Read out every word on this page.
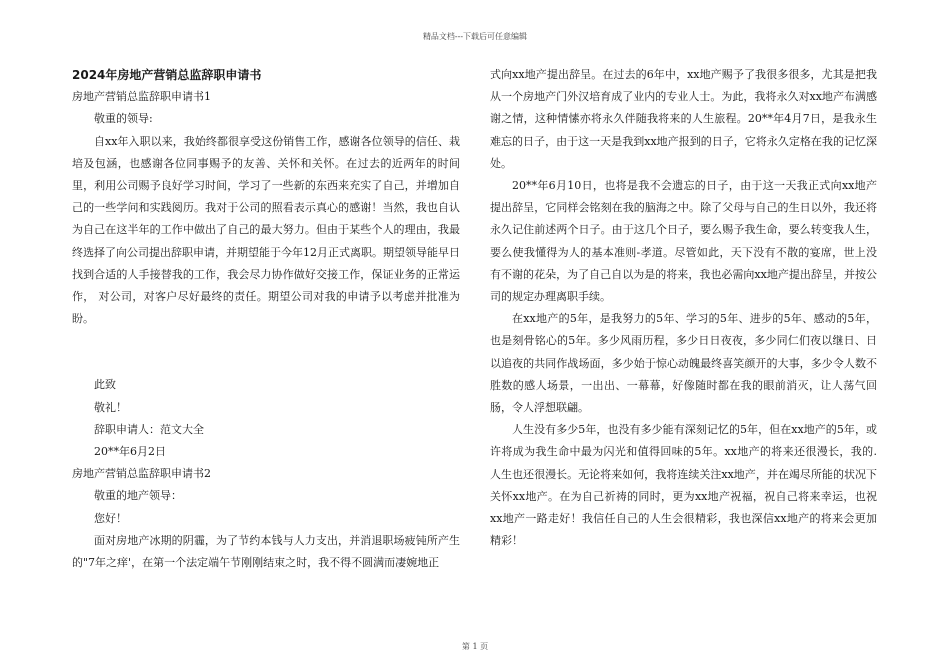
精品文档---下载后可任意编辑

2024年房地产营销总监辞职申请书

房地产营销总监辞职申请书1

敬重的领导:

自xx年入职以来，我始终都很享受这份销售工作，感谢各位领导的信任、栽培及包涵，也感谢各位同事赐予的友善、关怀和关怀。在过去的近两年的时间里，利用公司赐予良好学习时间，学习了一些新的东西来充实了自己，并增加自己的一些学问和实践阅历。我对于公司的照看表示真心的感谢！当然，我也自认为自己在这半年的工作中做出了自己的最大努力。但由于某些个人的理由，我最终选择了向公司提出辞职申请，并期望能于今年12月正式离职。期望领导能早日找到合适的人手接替我的工作，我会尽力协作做好交接工作，保证业务的正常运作， 对公司，对客户尽好最终的责任。期望公司对我的申请予以考虑并批准为盼。

此致

敬礼！

辞职申请人：范文大全

20**年6月2日

房地产营销总监辞职申请书2

敬重的地产领导：

您好！

面对房地产冰期的阴霾，为了节约本钱与人力支出，并消退职场疲钝所产生的"7年之痒'，在第一个法定端午节刚刚结束之时，我不得不圆满而凄婉地正

式向xx地产提出辞呈。在过去的6年中，xx地产赐予了我很多很多，尤其是把我从一个房地产门外汉培育成了业内的专业人士。为此，我将永久对xx地产布满感谢之情，这种情愫亦将永久伴随我将来的人生旅程。20**年4月7日，是我永生难忘的日子，由于这一天是我到xx地产报到的日子，它将永久定格在我的记忆深处。

20**年6月10日，也将是我不会遗忘的日子，由于这一天我正式向xx地产提出辞呈，它同样会铭刻在我的脑海之中。除了父母与自己的生日以外，我还将永久记住前述两个日子。由于这几个日子，要么赐予我生命，要么转变我人生，要么使我懂得为人的基本准则-孝道。尽管如此，天下没有不散的宴席，世上没有不谢的花朵，为了自己自以为是的将来，我也必需向xx地产提出辞呈，并按公司的规定办理离职手续。

在xx地产的5年，是我努力的5年、学习的5年、进步的5年、感动的5年，也是刻骨铭心的5年。多少风雨历程，多少日日夜夜，多少同仁们夜以继日、日以追夜的共同作战场面，多少始于惊心动魄最终喜笑颜开的大事，多少令人数不胜数的感人场景，一出出、一幕幕，好像随时都在我的眼前消灭，让人荡气回肠，令人浮想联翩。

人生没有多少5年，也没有多少能有深刻记忆的5年，但在xx地产的5年，或许将成为我生命中最为闪光和值得回味的5年。xx地产的将来还很漫长，我的. 人生也还很漫长。无论将来如何，我将连续关注xx地产，并在竭尽所能的状况下关怀xx地产。在为自己祈祷的同时，更为xx地产祝福，祝自己将来幸运，也祝xx地产一路走好！我信任自己的人生会很精彩，我也深信xx地产的将来会更加精彩！

第 1 页
